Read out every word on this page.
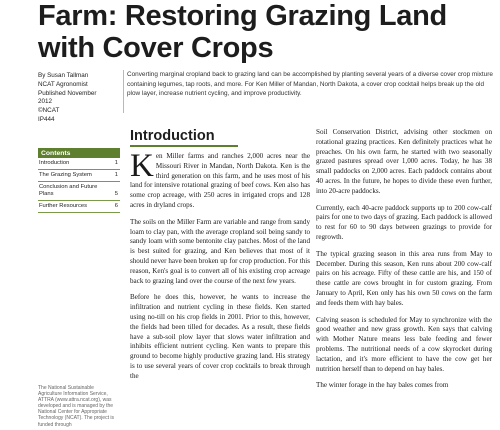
Farm: Restoring Grazing Land
with Cover Crops
By Susan Tallman
NCAT Agronomist
Published November
2012
©NCAT
IP444
Contents
Introduction	1
The Grazing System	1
Conclusion and Future Plans	5
Further Resources	6
The National Sustainable Agriculture Information Service, ATTRA (www.attra.ncat.org), was developed and is managed by the National Center for Appropriate Technology (NCAT). The project is funded through
Converting marginal cropland back to grazing land can be accomplished by planting several years of a diverse cover crop mixture containing legumes, tap roots, and more. For Ken Miller of Mandan, North Dakota, a cover crop cocktail helps break up the old plow layer, increase nutrient cycling, and improve productivity.
Introduction

Ken Miller farms and ranches 2,000 acres near the Missouri River in Mandan, North Dakota. Ken is the third generation on this farm, and he uses most of his land for intensive rotational grazing of beef cows. Ken also has some crop acreage, with 250 acres in irrigated crops and 128 acres in dryland crops.

The soils on the Miller Farm are variable and range from sandy loam to clay pan, with the average cropland soil being sandy to sandy loam with some bentonite clay patches. Most of the land is best suited for grazing, and Ken believes that most of it should never have been broken up for crop production. For this reason, Ken's goal is to convert all of his existing crop acreage back to grazing land over the course of the next few years.

Before he does this, however, he wants to increase the infiltration and nutrient cycling in these fields. Ken started using no-till on his crop fields in 2001. Prior to this, however, the fields had been tilled for decades. As a result, these fields have a sub-soil plow layer that slows water infiltration and inhibits efficient nutrient cycling. Ken wants to prepare this ground to become highly productive grazing land. His strategy is to use several years of cover crop cocktails to break through the

Soil Conservation District, advising other stockmen on rotational grazing practices. Ken definitely practices what he preaches. On his own farm, he started with two seasonally grazed pastures spread over 1,000 acres. Today, he has 38 small paddocks on 2,000 acres. Each paddock contains about 40 acres. In the future, he hopes to divide these even further, into 20-acre paddocks.

Currently, each 40-acre paddock supports up to 200 cow-calf pairs for one to two days of grazing. Each paddock is allowed to rest for 60 to 90 days between grazings to provide for regrowth.

The typical grazing season in this area runs from May to December. During this season, Ken runs about 200 cow-calf pairs on his acreage. Fifty of these cattle are his, and 150 of these cattle are cows brought in for custom grazing. From January to April, Ken only has his own 50 cows on the farm and feeds them with hay bales.

Calving season is scheduled for May to synchronize with the good weather and new grass growth. Ken says that calving with Mother Nature means less bale feeding and fewer problems. The nutritional needs of a cow skyrocket during lactation, and it's more efficient to have the cow get her nutrition herself than to depend on hay bales.

The winter forage in the hay bales comes from
